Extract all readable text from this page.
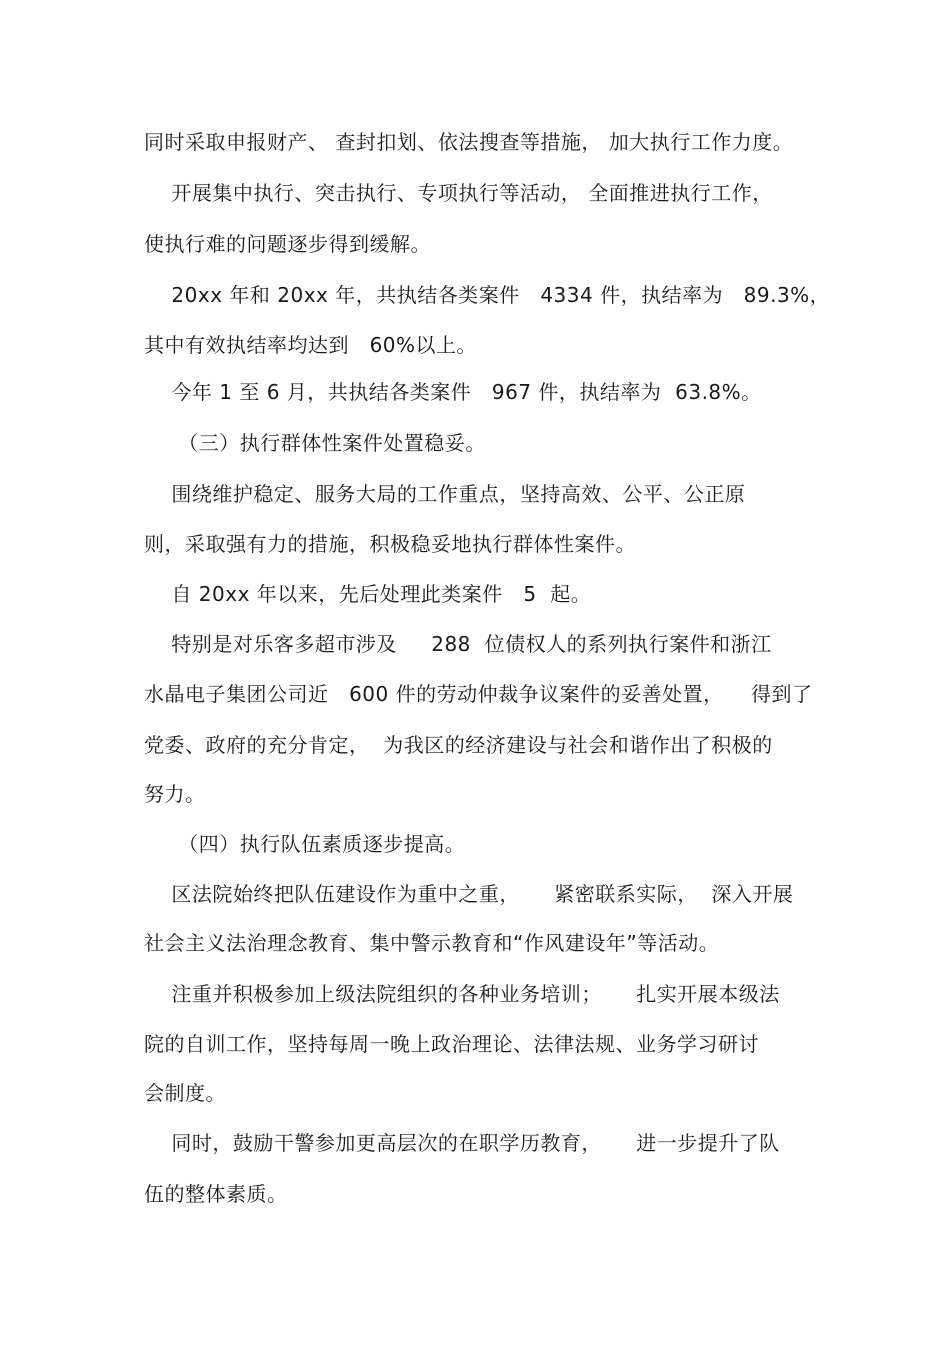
同时采取申报财产、 查封扣划、依法搜查等措施， 加大执行工作力度。
开展集中执行、突击执行、专项执行等活动， 全面推进执行工作，
使执行难的问题逐步得到缓解。
20xx 年和 20xx 年，共执结各类案件   4334 件，执结率为   89.3%，
其中有效执结率均达到   60%以上。
今年 1 至 6 月，共执结各类案件   967 件，执结率为  63.8%。
（三）执行群体性案件处置稳妥。
围绕维护稳定、服务大局的工作重点，坚持高效、公平、公正原
则，采取强有力的措施，积极稳妥地执行群体性案件。
自 20xx 年以来，先后处理此类案件   5  起。
特别是对乐客多超市涉及     288  位债权人的系列执行案件和浙江
水晶电子集团公司近   600 件的劳动仲裁争议案件的妥善处置，    得到了
党委、政府的充分肯定，  为我区的经济建设与社会和谐作出了积极的
努力。
（四）执行队伍素质逐步提高。
区法院始终把队伍建设作为重中之重，     紧密联系实际，  深入开展
社会主义法治理念教育、集中警示教育和“作风建设年”等活动。
注重并积极参加上级法院组织的各种业务培训；     扎实开展本级法
院的自训工作，坚持每周一晚上政治理论、法律法规、业务学习研讨
会制度。
同时，鼓励干警参加更高层次的在职学历教育，     进一步提升了队
伍的整体素质。
